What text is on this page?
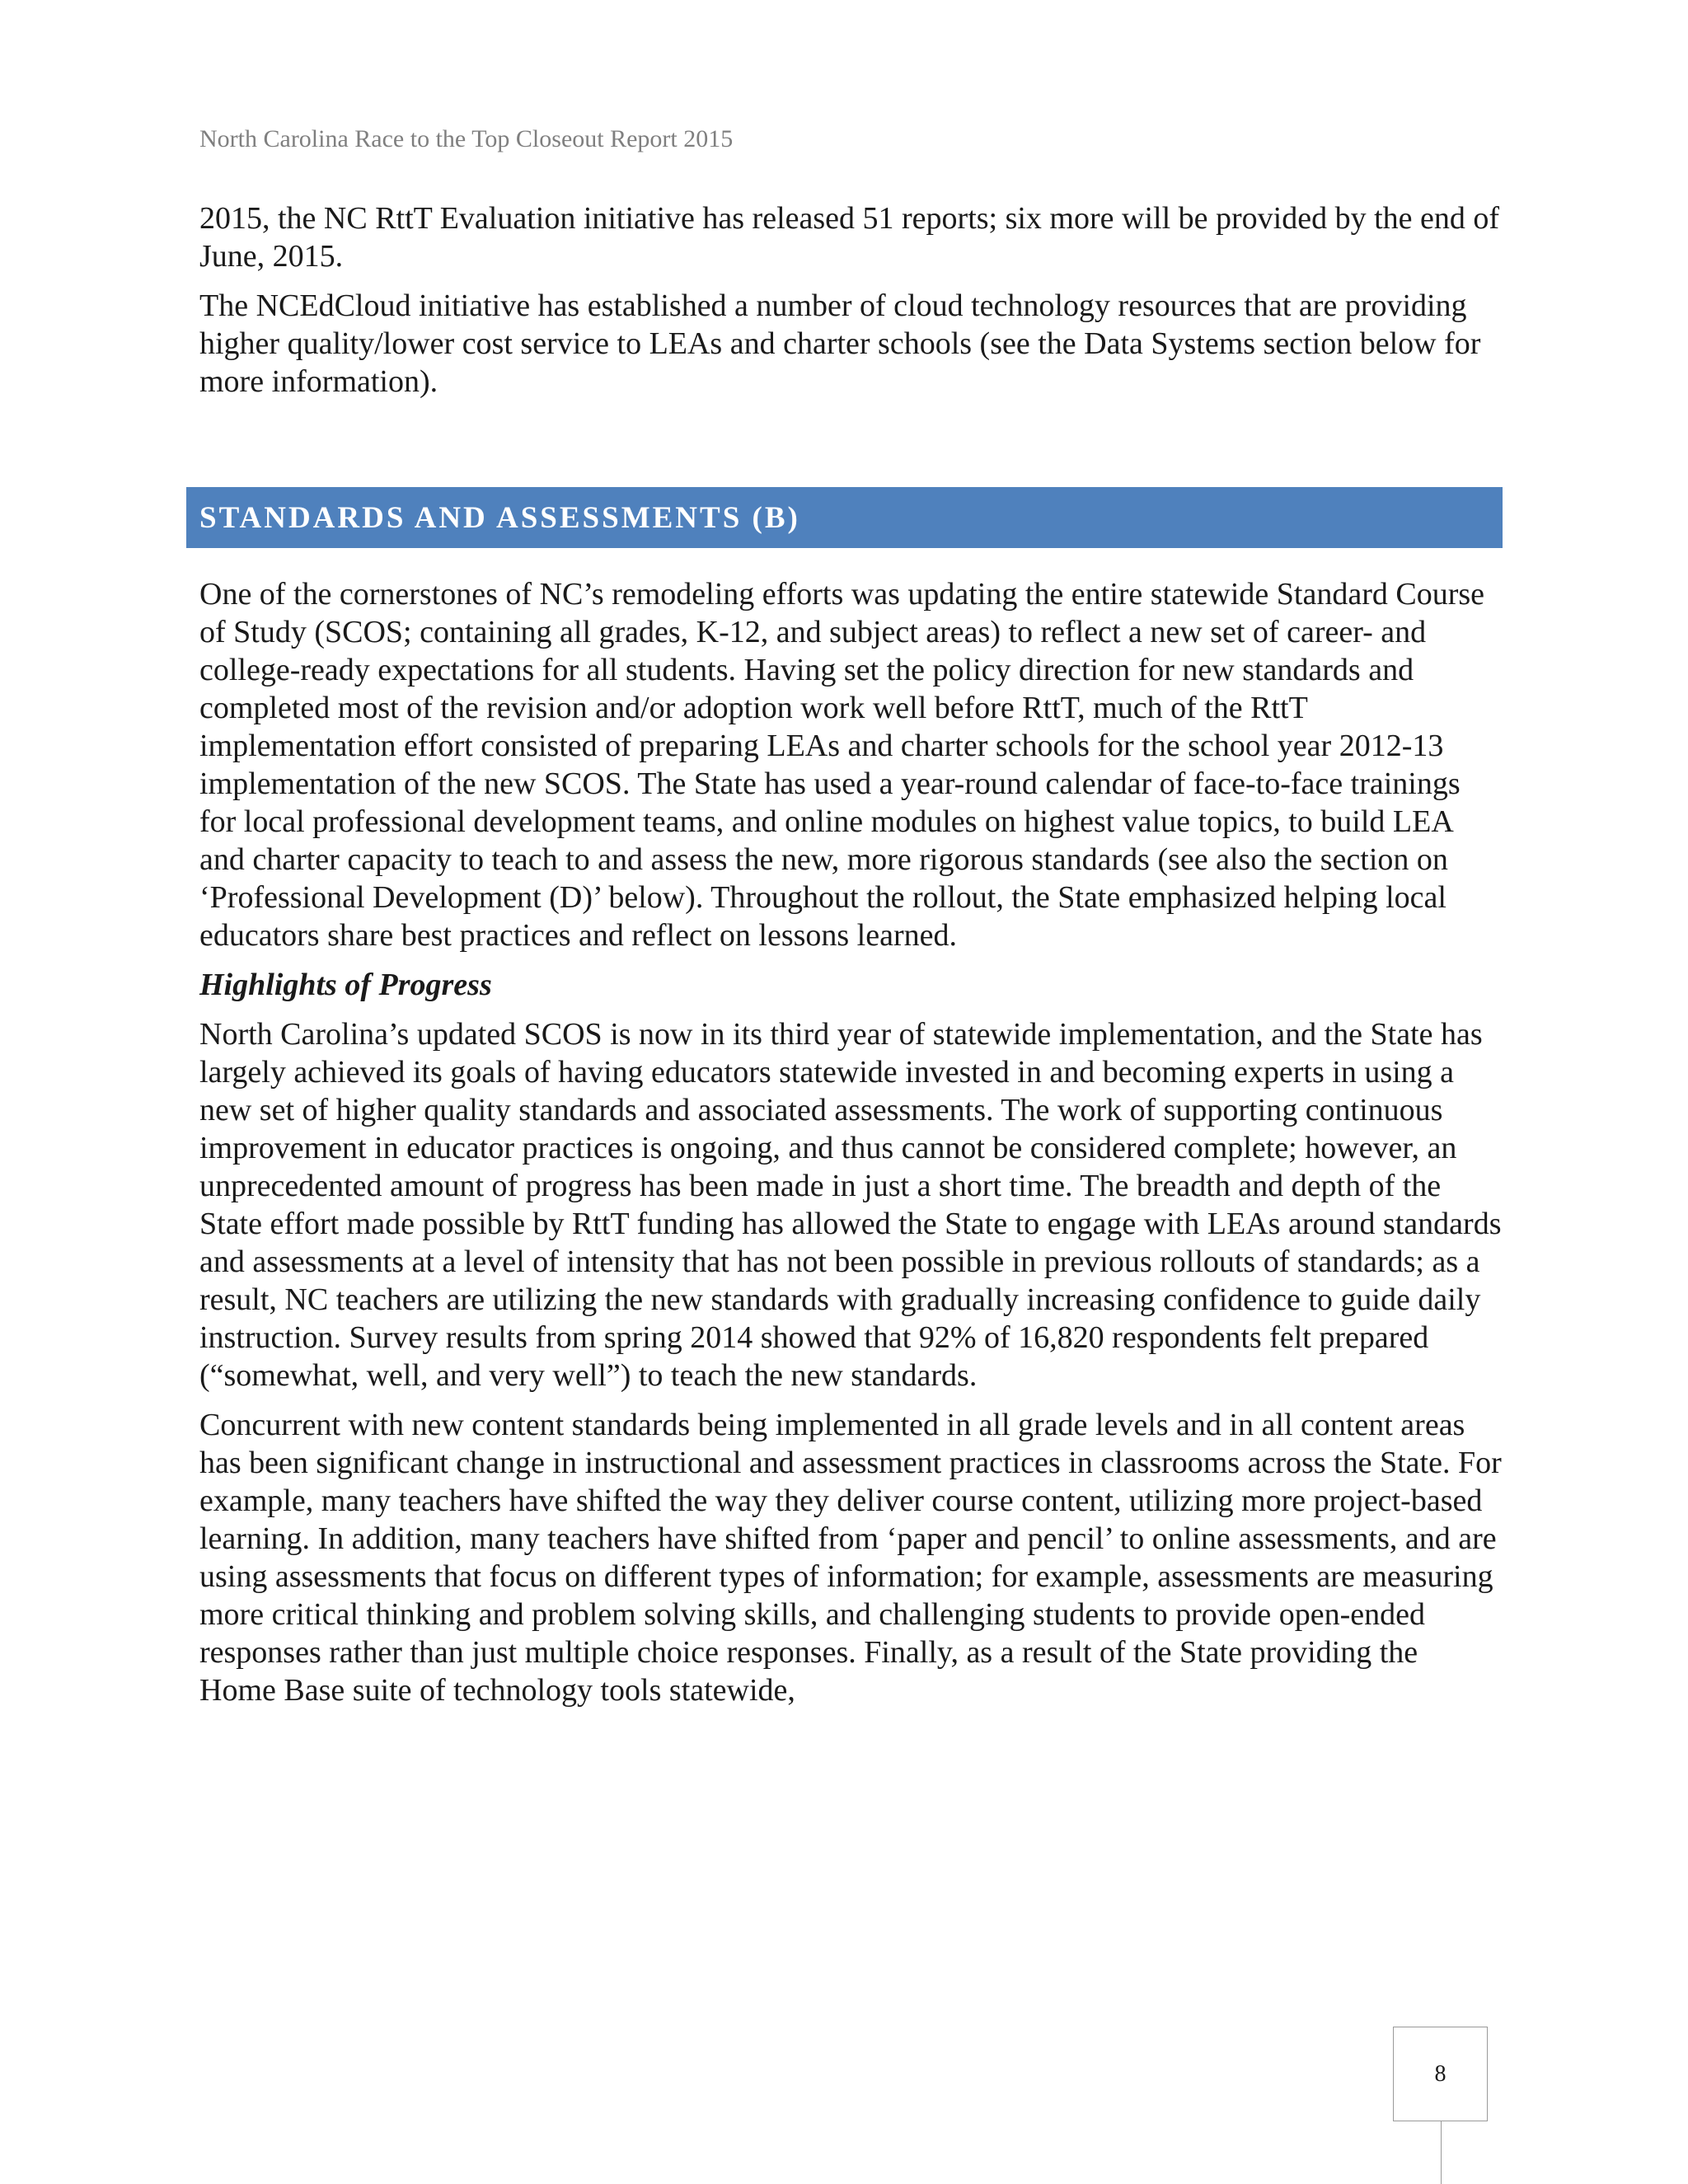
North Carolina Race to the Top Closeout Report 2015

2015, the NC RttT Evaluation initiative has released 51 reports; six more will be provided by the end of June, 2015.

The NCEdCloud initiative has established a number of cloud technology resources that are providing higher quality/lower cost service to LEAs and charter schools (see the Data Systems section below for more information).

STANDARDS AND ASSESSMENTS (B)

One of the cornerstones of NC’s remodeling efforts was updating the entire statewide Standard Course of Study (SCOS; containing all grades, K-12, and subject areas) to reflect a new set of career- and college-ready expectations for all students. Having set the policy direction for new standards and completed most of the revision and/or adoption work well before RttT, much of the RttT implementation effort consisted of preparing LEAs and charter schools for the school year 2012-13 implementation of the new SCOS. The State has used a year-round calendar of face-to-face trainings for local professional development teams, and online modules on highest value topics, to build LEA and charter capacity to teach to and assess the new, more rigorous standards (see also the section on ‘Professional Development (D)’ below). Throughout the rollout, the State emphasized helping local educators share best practices and reflect on lessons learned.

Highlights of Progress

North Carolina’s updated SCOS is now in its third year of statewide implementation, and the State has largely achieved its goals of having educators statewide invested in and becoming experts in using a new set of higher quality standards and associated assessments. The work of supporting continuous improvement in educator practices is ongoing, and thus cannot be considered complete; however, an unprecedented amount of progress has been made in just a short time. The breadth and depth of the State effort made possible by RttT funding has allowed the State to engage with LEAs around standards and assessments at a level of intensity that has not been possible in previous rollouts of standards; as a result, NC teachers are utilizing the new standards with gradually increasing confidence to guide daily instruction. Survey results from spring 2014 showed that 92% of 16,820 respondents felt prepared (“somewhat, well, and very well”) to teach the new standards.

Concurrent with new content standards being implemented in all grade levels and in all content areas has been significant change in instructional and assessment practices in classrooms across the State. For example, many teachers have shifted the way they deliver course content, utilizing more project-based learning. In addition, many teachers have shifted from ‘paper and pencil’ to online assessments, and are using assessments that focus on different types of information; for example, assessments are measuring more critical thinking and problem solving skills, and challenging students to provide open-ended responses rather than just multiple choice responses. Finally, as a result of the State providing the Home Base suite of technology tools statewide,

8
